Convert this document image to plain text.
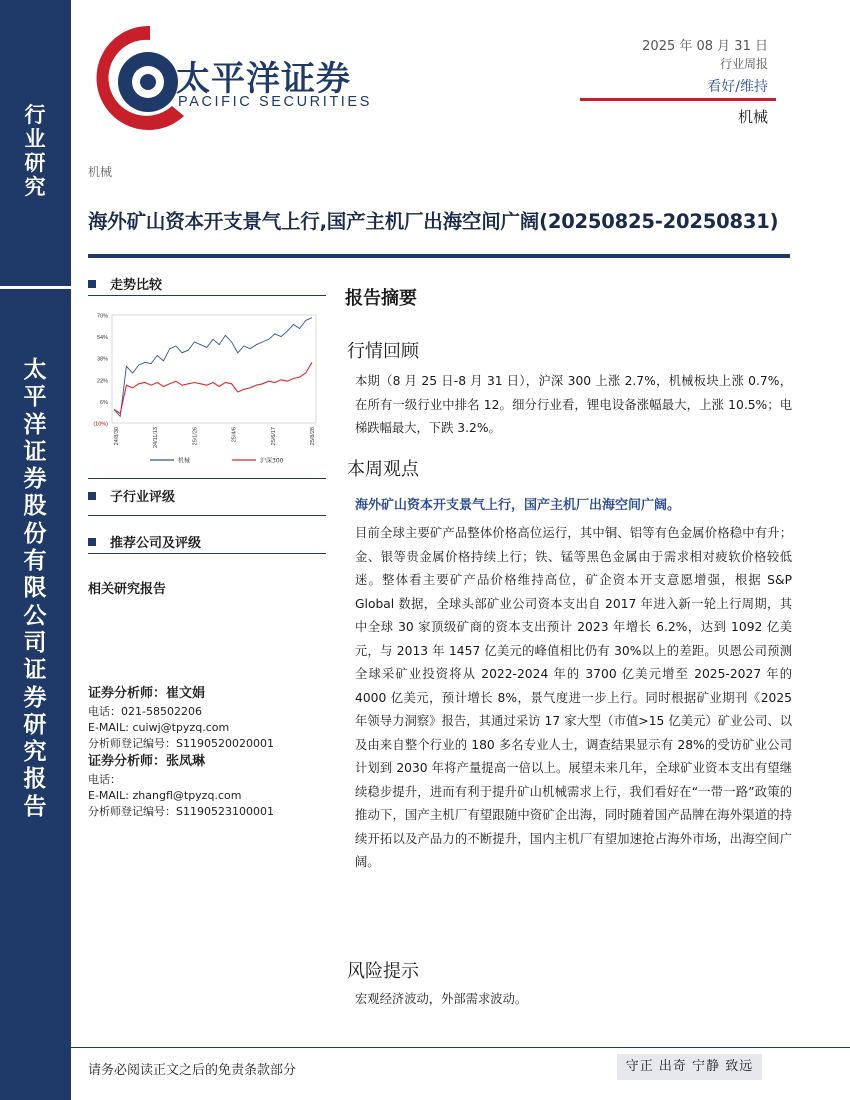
行业研究
太平洋证券股份有限公司证券研究报告
太平洋证券
PACIFIC SECURITIES
2025 年 08 月 31 日
行业周报
看好/维持
机械
机械
海外矿山资本开支景气上行,国产主机厂出海空间广阔(20250825-20250831)
走势比较
70%
54%
38%
22%
6%
(10%)
24/8/30	24/11/13	25/1/26	25/4/6	25/6/17	25/8/28
机械	沪深300
子行业评级
推荐公司及评级
相关研究报告
证券分析师：崔文娟
电话：021-58502206
E-MAIL: cuiwj@tpyzq.com
分析师登记编号：S1190520020001
证券分析师：张凤琳
电话：
E-MAIL: zhangfl@tpyzq.com
分析师登记编号：S1190523100001
报告摘要
行情回顾

本期（8 月 25 日-8 月 31 日），沪深 300 上涨 2.7%，机械板块上涨 0.7%，在所有一级行业中排名 12。细分行业看，锂电设备涨幅最大，上涨 10.5%；电梯跌幅最大，下跌 3.2%。

本周观点
海外矿山资本开支景气上行，国产主机厂出海空间广阔。

目前全球主要矿产品整体价格高位运行，其中铜、铝等有色金属价格稳中有升；金、银等贵金属价格持续上行；铁、锰等黑色金属由于需求相对疲软价格较低迷。整体看主要矿产品价格维持高位，矿企资本开支意愿增强，根据 S&P Global 数据，全球头部矿业公司资本支出自 2017 年进入新一轮上行周期，其中全球 30 家顶级矿商的资本支出预计 2023 年增长 6.2%，达到 1092 亿美元，与 2013 年 1457 亿美元的峰值相比仍有 30%以上的差距。贝恩公司预测全球采矿业投资将从 2022-2024 年的 3700 亿美元增至 2025-2027 年的 4000 亿美元，预计增长 8%，景气度进一步上行。同时根据矿业期刊《2025 年领导力洞察》报告，其通过采访 17 家大型（市值>15 亿美元）矿业公司、以及由来自整个行业的 180 多名专业人士，调查结果显示有 28%的受访矿业公司计划到 2030 年将产量提高一倍以上。展望未来几年，全球矿业资本支出有望继续稳步提升，进而有利于提升矿山机械需求上行，我们看好在“一带一路”政策的推动下，国产主机厂有望跟随中资矿企出海，同时随着国产品牌在海外渠道的持续开拓以及产品力的不断提升，国内主机厂有望加速抢占海外市场，出海空间广阔。

风险提示

宏观经济波动，外部需求波动。

请务必阅读正文之后的免责条款部分	守正 出奇 宁静 致远
